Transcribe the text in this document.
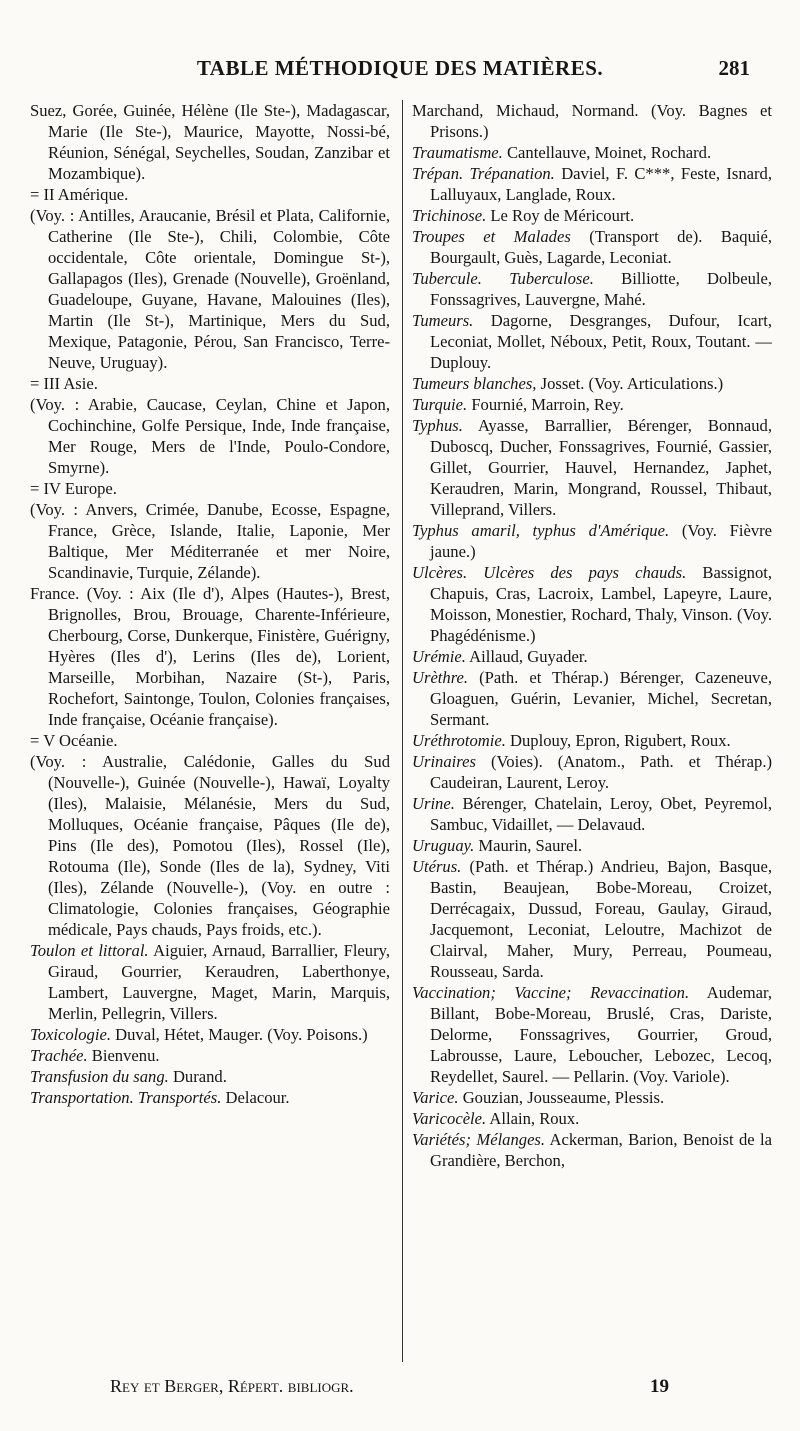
TABLE MÉTHODIQUE DES MATIÈRES.	281

Suez, Gorée, Guinée, Hélène (Ile Ste-), Madagascar, Marie (Ile Ste-), Maurice, Mayotte, Nossi-bé, Réunion, Sénégal, Seychelles, Soudan, Zanzibar et Mozambique).

= II Amérique.

(Voy. : Antilles, Araucanie, Brésil et Plata, Californie, Catherine (Ile Ste-), Chili, Colombie, Côte occidentale, Côte orientale, Domingue St-), Gallapagos (Iles), Grenade (Nouvelle), Groënland, Guadeloupe, Guyane, Havane, Malouines (Iles), Martin (Ile St-), Martinique, Mers du Sud, Mexique, Patagonie, Pérou, San Francisco, Terre-Neuve, Uruguay).

= III Asie.

(Voy. : Arabie, Caucase, Ceylan, Chine et Japon, Cochinchine, Golfe Persique, Inde, Inde française, Mer Rouge, Mers de l'Inde, Poulo-Condore, Smyrne).

= IV Europe.

(Voy. : Anvers, Crimée, Danube, Ecosse, Espagne, France, Grèce, Islande, Italie, Laponie, Mer Baltique, Mer Méditerranée et mer Noire, Scandinavie, Turquie, Zélande).

France. (Voy. : Aix (Ile d'), Alpes (Hautes-), Brest, Brignolles, Brou, Brouage, Charente-Inférieure, Cherbourg, Corse, Dunkerque, Finistère, Guérigny, Hyères (Iles d'), Lerins (Iles de), Lorient, Marseille, Morbihan, Nazaire (St-), Paris, Rochefort, Saintonge, Toulon, Colonies françaises, Inde française, Océanie française).

= V Océanie.

(Voy. : Australie, Calédonie, Galles du Sud (Nouvelle-), Guinée (Nouvelle-), Hawaï, Loyalty (Iles), Malaisie, Mélanésie, Mers du Sud, Molluques, Océanie française, Pâques (Ile de), Pins (Ile des), Pomotou (Iles), Rossel (Ile), Rotouma (Ile), Sonde (Iles de la), Sydney, Viti (Iles), Zélande (Nouvelle-), (Voy. en outre : Climatologie, Colonies françaises, Géographie médicale, Pays chauds, Pays froids, etc.).

Toulon et littoral. Aiguier, Arnaud, Barrallier, Fleury, Giraud, Gourrier, Keraudren, Laberthonye, Lambert, Lauvergne, Maget, Marin, Marquis, Merlin, Pellegrin, Villers.

Toxicologie. Duval, Hétet, Mauger. (Voy. Poisons.)

Trachée. Bienvenu.

Transfusion du sang. Durand.

Transportation. Transportés. Delacour.

Marchand, Michaud, Normand. (Voy. Bagnes et Prisons.)

Traumatisme. Cantellauve, Moinet, Rochard.

Trépan. Trépanation. Daviel, F. C***, Feste, Isnard, Lalluyaux, Langlade, Roux.

Trichinose. Le Roy de Méricourt.

Troupes et Malades (Transport de). Baquié, Bourgault, Guès, Lagarde, Leconiat.

Tubercule. Tuberculose. Billiotte, Dolbeule, Fonssagrives, Lauvergne, Mahé.

Tumeurs. Dagorne, Desgranges, Dufour, Icart, Leconiat, Mollet, Néboux, Petit, Roux, Toutant. — Duplouy.

Tumeurs blanches, Josset. (Voy. Articulations.)

Turquie. Fournié, Marroin, Rey.

Typhus. Ayasse, Barrallier, Bérenger, Bonnaud, Duboscq, Ducher, Fonssagrives, Fournié, Gassier, Gillet, Gourrier, Hauvel, Hernandez, Japhet, Keraudren, Marin, Mongrand, Roussel, Thibaut, Villeprand, Villers.

Typhus amaril, typhus d'Amérique. (Voy. Fièvre jaune.)

Ulcères. Ulcères des pays chauds. Bassignot, Chapuis, Cras, Lacroix, Lambel, Lapeyre, Laure, Moisson, Monestier, Rochard, Thaly, Vinson. (Voy. Phagédénisme.)

Urémie. Aillaud, Guyader.

Urèthre. (Path. et Thérap.) Bérenger, Cazeneuve, Gloaguen, Guérin, Levanier, Michel, Secretan, Sermant.

Uréthrotomie. Duplouy, Epron, Rigubert, Roux.

Urinaires (Voies). (Anatom., Path. et Thérap.) Caudeiran, Laurent, Leroy.

Urine. Bérenger, Chatelain, Leroy, Obet, Peyremol, Sambuc, Vidaillet, — Delavaud.

Uruguay. Maurin, Saurel.

Utérus. (Path. et Thérap.) Andrieu, Bajon, Basque, Bastin, Beaujean, Bobe-Moreau, Croizet, Derrécagaix, Dussud, Foreau, Gaulay, Giraud, Jacquemont, Leconiat, Leloutre, Machizot de Clairval, Maher, Mury, Perreau, Poumeau, Rousseau, Sarda.

Vaccination; Vaccine; Revaccination. Audemar, Billant, Bobe-Moreau, Bruslé, Cras, Dariste, Delorme, Fonssagrives, Gourrier, Groud, Labrousse, Laure, Leboucher, Lebozec, Lecoq, Reydellet, Saurel. — Pellarin. (Voy. Variole).

Varice. Gouzian, Jousseaume, Plessis.

Varicocèle. Allain, Roux.

Variétés; Mélanges. Ackerman, Barion, Benoist de la Grandière, Berchon,

Rey et Berger, Répert. bibliogr.	19
